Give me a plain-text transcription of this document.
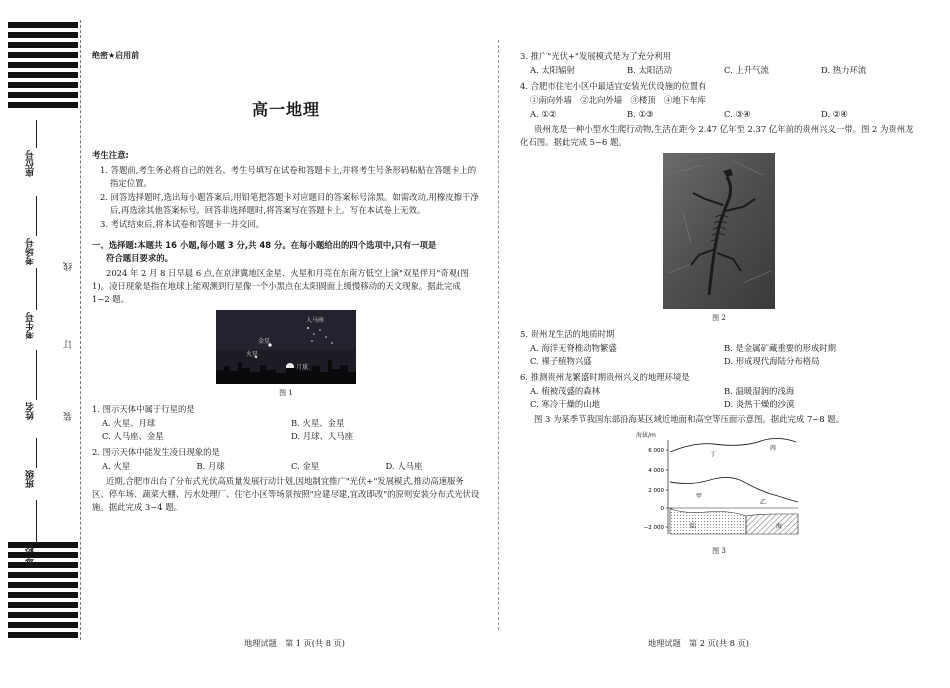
座位号
考场号
考生号
姓名
班级
学校
线
订
装
绝密★启用前
高一地理
考生注意:

1. 答题前,考生务必将自己的姓名、考生号填写在试卷和答题卡上,并将考生号条形码粘贴在答题卡上的指定位置。

2. 回答选择题时,选出每小题答案后,用铅笔把答题卡对应题目的答案标号涂黑。如需改动,用橡皮擦干净后,再选涂其他答案标号。回答非选择题时,将答案写在答题卡上。写在本试卷上无效。

3. 考试结束后,将本试卷和答题卡一并交回。

一、选择题:本题共 16 小题,每小题 3 分,共 48 分。在每小题给出的四个选项中,只有一项是
符合题目要求的。
2024 年 2 月 8 日早晨 6 点,在京津冀地区金星、火星和月亮在东南方低空上演"双星伴月"奇观(图 1)。凌日现象是指在地球上能观测到行星像一个小黑点在太阳圆面上缓慢移动的天文现象。据此完成 1~2 题。
人马座
金星
火星
月球
图 1
1. 图示天体中属于行星的是
A. 火星、月球	B. 火星、金星
C. 人马座、金星	D. 月球、人马座
2. 图示天体中能发生凌日现象的是
A. 火星	B. 月球	C. 金星	D. 人马座
近期,合肥市出台了分布式光伏高质量发展行动计划,因地制宜推广"光伏+"发展模式,推动高速服务区、停车场、蔬菜大棚、污水处理厂、住宅小区等场景按照"应建尽建,宜改即改"的原则安装分布式光伏设施。据此完成 3~4 题。
3. 推广"光伏+"发展模式是为了充分利用
A. 太阳辐射	B. 太阳活动	C. 上升气流	D. 热力环流
4. 合肥市住宅小区中最适宜安装光伏设施的位置有
①南向外墙　②北向外墙　③楼顶　④地下车库
A. ①②	B. ①③	C. ③④	D. ②④
贵州龙是一种小型水生爬行动物,生活在距今 2.47 亿年至 2.37 亿年前的贵州兴义一带。图 2 为贵州龙化石图。据此完成 5~6 题。
图 2
5. 贵州龙生活的地质时期
A. 海洋无脊椎动物繁盛	B. 是金属矿藏重要的形成时期
C. 裸子植物兴盛	D. 形成现代海陆分布格局
6. 推测贵州龙繁盛时期贵州兴义的地理环境是
A. 植被茂盛的森林	B. 温暖湿润的浅海
C. 寒冷干燥的山地	D. 炎热干燥的沙漠
图 3 为某季节我国东部沿海某区域近地面和高空等压面示意图。据此完成 7~8 题。
海拔/m
6 000
4 000
2 000
0
−2 000
丁
丙
甲
乙
陆	海
图 3
地理试题　第 1 页(共 8 页)	地理试题　第 2 页(共 8 页)
